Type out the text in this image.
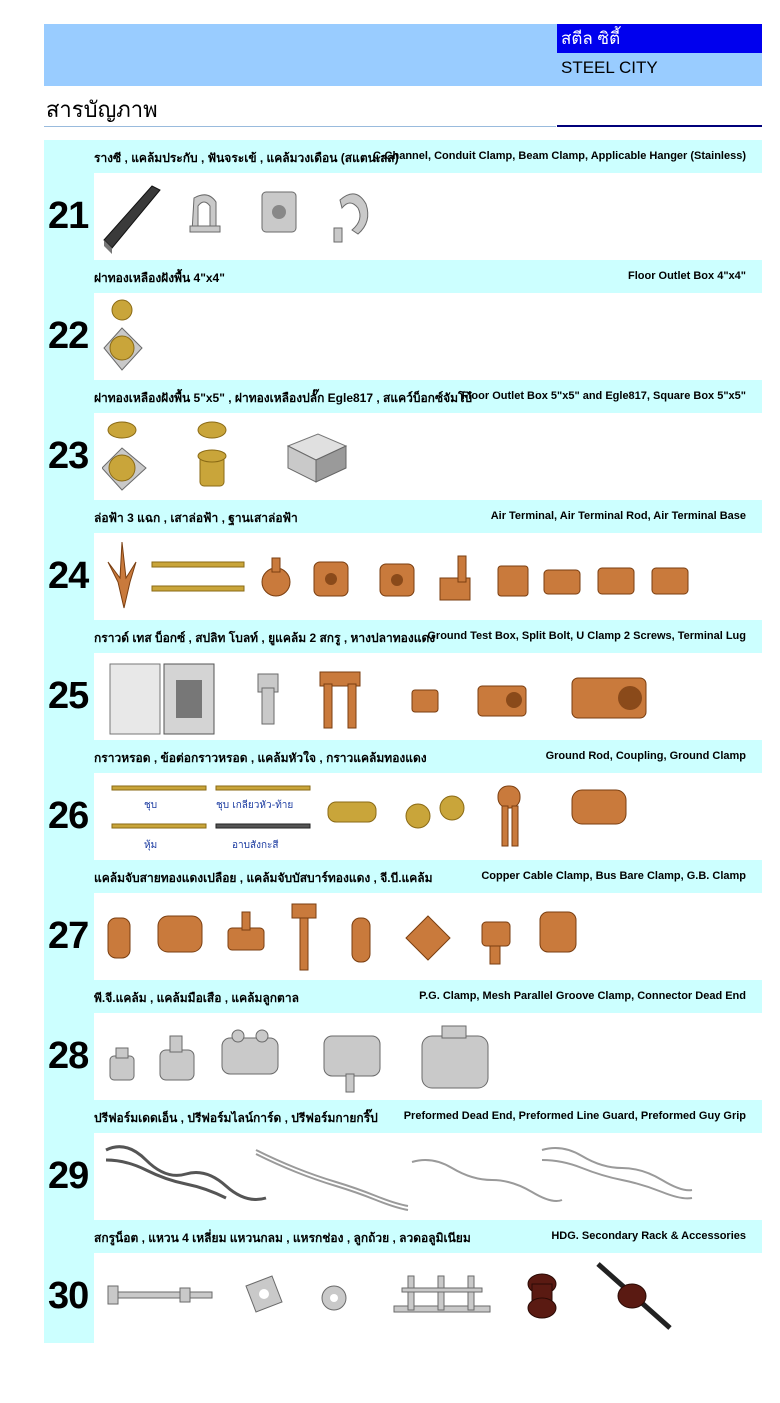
สตีล ซิตี้
STEEL CITY
สารบัญภาพ
รางซี , แคล้มประกับ , ฟันจระเข้ , แคล้มวงเดือน (สแตนเลส)
C-Channel, Conduit Clamp, Beam Clamp, Applicable Hanger (Stainless)
21
ฝาทองเหลืองฝังพื้น 4"x4"	Floor Outlet Box 4"x4"
22
ฝาทองเหลืองฝังพื้น 5"x5" , ฝาทองเหลืองปลั๊ก Egle817 , สแคว์บ็อกซ์จัมโบ้
Floor Outlet Box 5"x5" and Egle817, Square Box 5"x5"
23
ล่อฟ้า 3 แฉก , เสาล่อฟ้า , ฐานเสาล่อฟ้า	Air Terminal, Air Terminal Rod, Air Terminal Base
24
กราวด์ เทส บ็อกซ์ , สปลิท โบลท์ , ยูแคล้ม 2 สกรู , หางปลาทองแดง
Ground Test Box, Split Bolt, U Clamp 2 Screws, Terminal Lug
25
กราวหรอด , ข้อต่อกราวหรอด , แคล้มหัวใจ , กราวแคล้มทองแดง	Ground Rod, Coupling, Ground Clamp
26	ชุบ	ชุบ เกลียวหัว-ท้าย
หุ้ม	อาบสังกะสี
แคล้มจับสายทองแดงเปลือย , แคล้มจับบัสบาร์ทองแดง , จี.บี.แคล้ม	Copper Cable Clamp, Bus Bare Clamp, G.B. Clamp
27
พี.จี.แคล้ม , แคล้มมือเสือ , แคล้มลูกตาล	P.G. Clamp, Mesh Parallel Groove Clamp, Connector Dead End
28
ปรีฟอร์มเดดเอ็น , ปรีฟอร์มไลน์การ์ด , ปรีฟอร์มกายกริ๊ป Preformed Dead End, Preformed Line Guard, Preformed Guy Grip
29
สกรูน็อต , แหวน 4 เหลี่ยม แหวนกลม , แหรกช่อง , ลูกถ้วย , ลวดอลูมิเนียม	HDG. Secondary Rack & Accessories
30
